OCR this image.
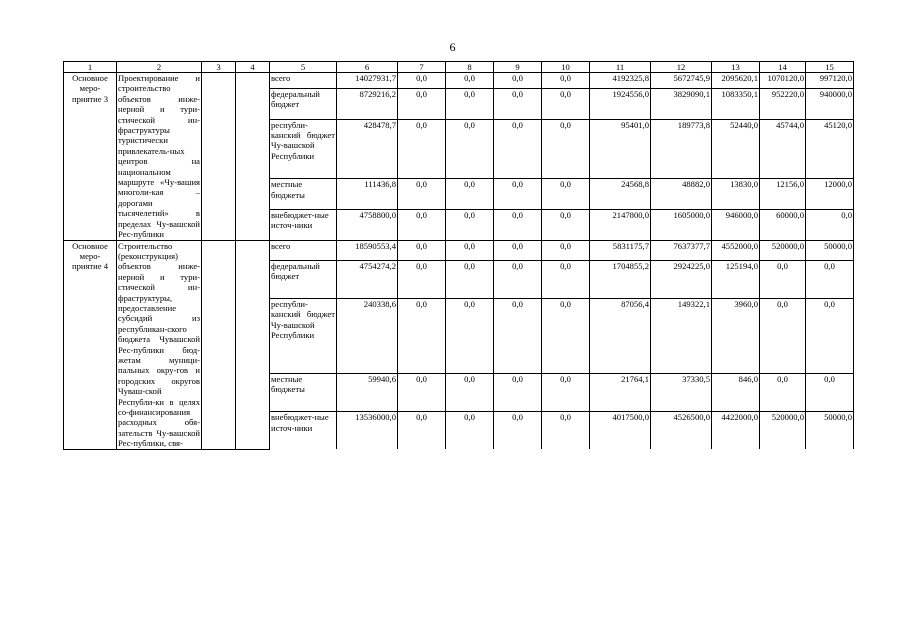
6
1	2	3	4	5	6	7	8	9	10	11	12	13	14	15
Основное меро-приятие 3	Проектирование и строительство объектов инже-нерной и тури-стической ин-фраструктуры туристически привлекатель-ных центров на национальном маршруте «Чу-вашия многоли-кая – дорогами тысячелетий» в пределах Чу-вашской Рес-публики			всего	14027931,7	0,0	0,0	0,0	0,0	4192325,8	5672745,9	2095620,1	1070120,0	997120,0
				федеральный бюджет	8729216,2	0,0	0,0	0,0	0,0	1924556,0	3829090,1	1083350,1	952220,0	940000,0
				республи-канский бюджет Чу-вашской Республики	428478,7	0,0	0,0	0,0	0,0	95401,0	189773,8	52440,0	45744,0	45120,0
				местные бюджеты	111436,8	0,0	0,0	0,0	0,0	24568,8	48882,0	13830,0	12156,0	12000,0
				внебюджет-ные источ-ники	4758800,0	0,0	0,0	0,0	0,0	2147800,0	1605000,0	946000,0	60000,0	0,0
Основное меро-приятие 4	Строительство (реконструкция) объектов инже-нерной и тури-стической ин-фраструктуры, предоставление субсидий из республикан-ского бюджета Чувашской Рес-публики бюд-жетам муници-пальных окру-гов и городских округов Чуваш-ской Республи-ки в целях со-финансирования расходных обя-зательств Чу-вашской Рес-публики, свя-			всего	18590553,4	0,0	0,0	0,0	0,0	5831175,7	7637377,7	4552000,0	520000,0	50000,0
				федеральный бюджет	4754274,2	0,0	0,0	0,0	0,0	1704855,2	2924225,0	125194,0	0,0	0,0
				республи-канский бюджет Чу-вашской Республики	240338,6	0,0	0,0	0,0	0,0	87056,4	149322,1	3960,0	0,0	0,0
				местные бюджеты	59940,6	0,0	0,0	0,0	0,0	21764,1	37330,5	846,0	0,0	0,0
				внебюджет-ные источ-ники	13536000,0	0,0	0,0	0,0	0,0	4017500,0	4526500,0	4422000,0	520000,0	50000,0
